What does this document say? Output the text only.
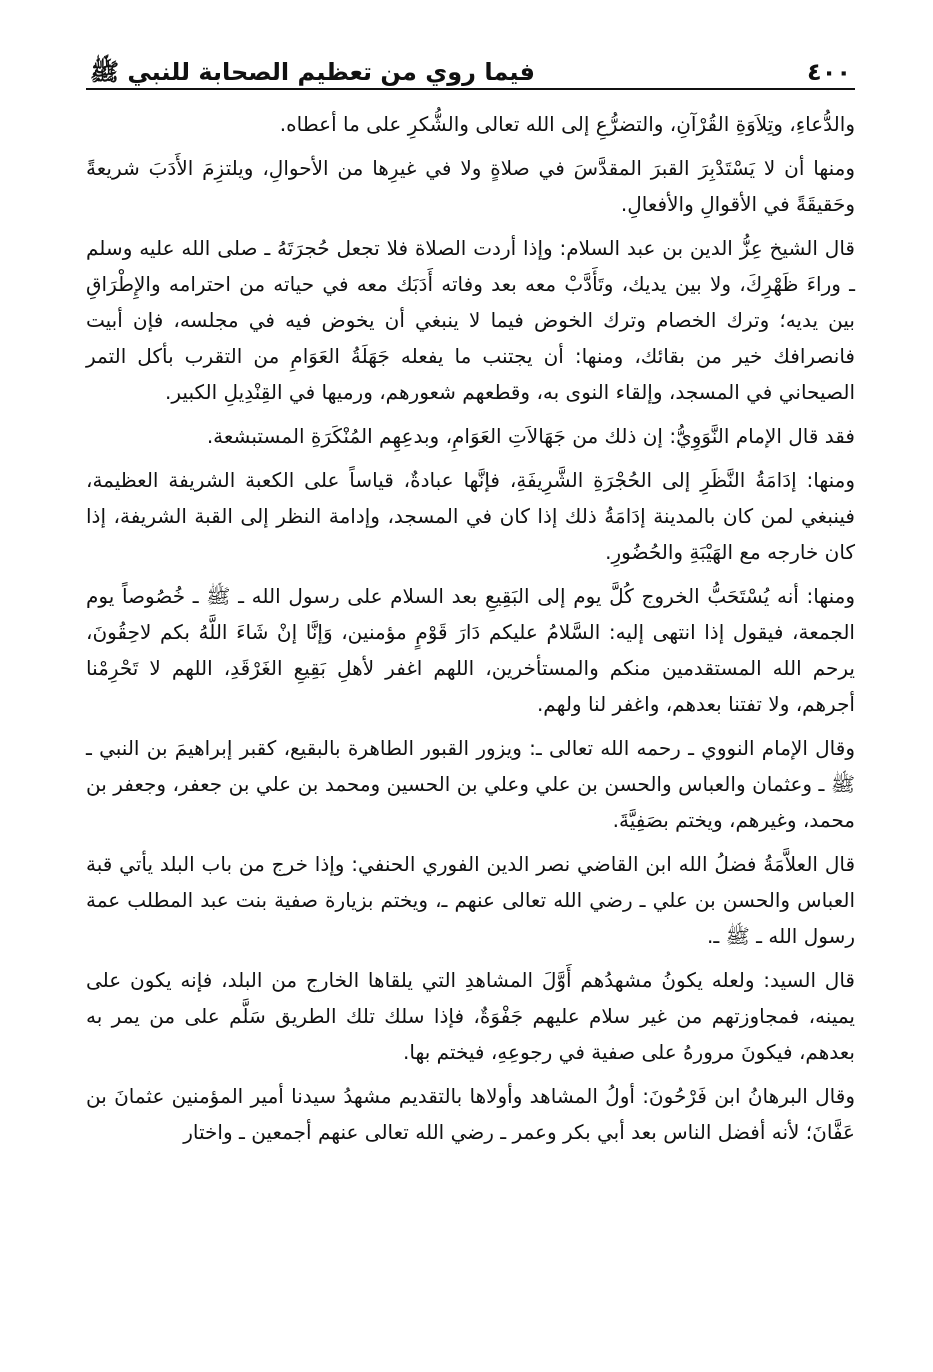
٤٠٠
فيما روي من تعظيم الصحابة للنبي ﷺ

والدُّعاءِ، وتِلاَوَةِ القُرْآنِ، والتضرُّعِ إلى الله تعالى والشُّكرِ على ما أعطاه.

ومنها أن لا يَسْتَدْبِرَ القبرَ المقدَّسَ في صلاةٍ ولا في غيرِها من الأحوالِ، ويلتزِمَ الأَدَبَ شريعةً وحَقيقَةً في الأقوالِ والأفعالِ.

قال الشيخ عِزُّ الدين بن عبد السلام: وإذا أردت الصلاة فلا تجعل حُجرَتَهُ ـ صلى الله عليه وسلم ـ وراءَ ظَهْرِكَ، ولا بين يديك، وتَأَدَّبْ معه بعد وفاته أَدَبَك معه في حياته من احترامه والإِطْرَاقِ بين يديه؛ وترك الخصام وترك الخوض فيما لا ينبغي أن يخوض فيه في مجلسه، فإن أبيت فانصرافك خير من بقائك، ومنها: أن يجتنب ما يفعله جَهَلَةُ العَوَامِ من التقرب بأكل التمر الصيحاني في المسجد، وإلقاء النوى به، وقطعهم شعورهم، ورميها في القِنْدِيلِ الكبير.

فقد قال الإمام النَّوَوِيُّ: إن ذلك من جَهَالاَتِ العَوَامِ، وبدعِهِم المُنْكَرَةِ المستبشعة.

ومنها: إدَامَةُ النَّظَرِ إلى الحُجْرَةِ الشَّرِيفَةِ، فإنَّها عبادةٌ، قياساً على الكعبة الشريفة العظيمة، فينبغي لمن كان بالمدينة إدَامَةُ ذلك إذا كان في المسجد، وإدامة النظر إلى القبة الشريفة، إذا كان خارجه مع الهَيْبَةِ والحُضُورِ.

ومنها: أنه يُسْتَحَبُّ الخروج كُلَّ يوم إلى البَقِيعِ بعد السلام على رسول الله ـ ﷺ ـ خُصُوصاً يوم الجمعة، فيقول إذا انتهى إليه: السَّلامُ عليكم دَارَ قَوْمٍ مؤمنين، وَإنَّا إنْ شَاءَ اللَّهُ بكم لاحِقُونَ، يرحم الله المستقدمين منكم والمستأخرين، اللهم اغفر لأهلِ بَقِيعِ الغَرْقَدِ، اللهم لا تَحْرِمْنا أجرهم، ولا تفتنا بعدهم، واغفر لنا ولهم.

وقال الإمام النووي ـ رحمه الله تعالى ـ: ويزور القبور الطاهرة بالبقيع، كقبر إبراهيمَ بن النبي ـ ﷺ ـ وعثمان والعباس والحسن بن علي وعلي بن الحسين ومحمد بن علي بن جعفر، وجعفر بن محمد، وغيرهم، ويختم بصَفِيَّةَ.

قال العلاَّمَةُ فضلُ الله ابن القاضي نصر الدين الفوري الحنفي: وإذا خرج من باب البلد يأتي قبة العباس والحسن بن علي ـ رضي الله تعالى عنهم ـ، ويختم بزيارة صفية بنت عبد المطلب عمة رسول الله ـ ﷺ ـ.

قال السيد: ولعله يكونُ مشهدُهم أَوَّلَ المشاهدِ التي يلقاها الخارج من البلد، فإنه يكون على يمينه، فمجاوزتهم من غير سلام عليهم جَفْوَةٌ، فإذا سلك تلك الطريق سَلَّم على من يمر به بعدهم، فيكونَ مرورهُ على صفية في رجوعِهِ، فيختم بها.

وقال البرهانُ ابن فَرْحُونَ: أولُ المشاهد وأولاها بالتقديم مشهدُ سيدنا أمير المؤمنين عثمانَ بن عَفَّانَ؛ لأنه أفضل الناس بعد أبي بكر وعمر ـ رضي الله تعالى عنهم أجمعين ـ واختار
